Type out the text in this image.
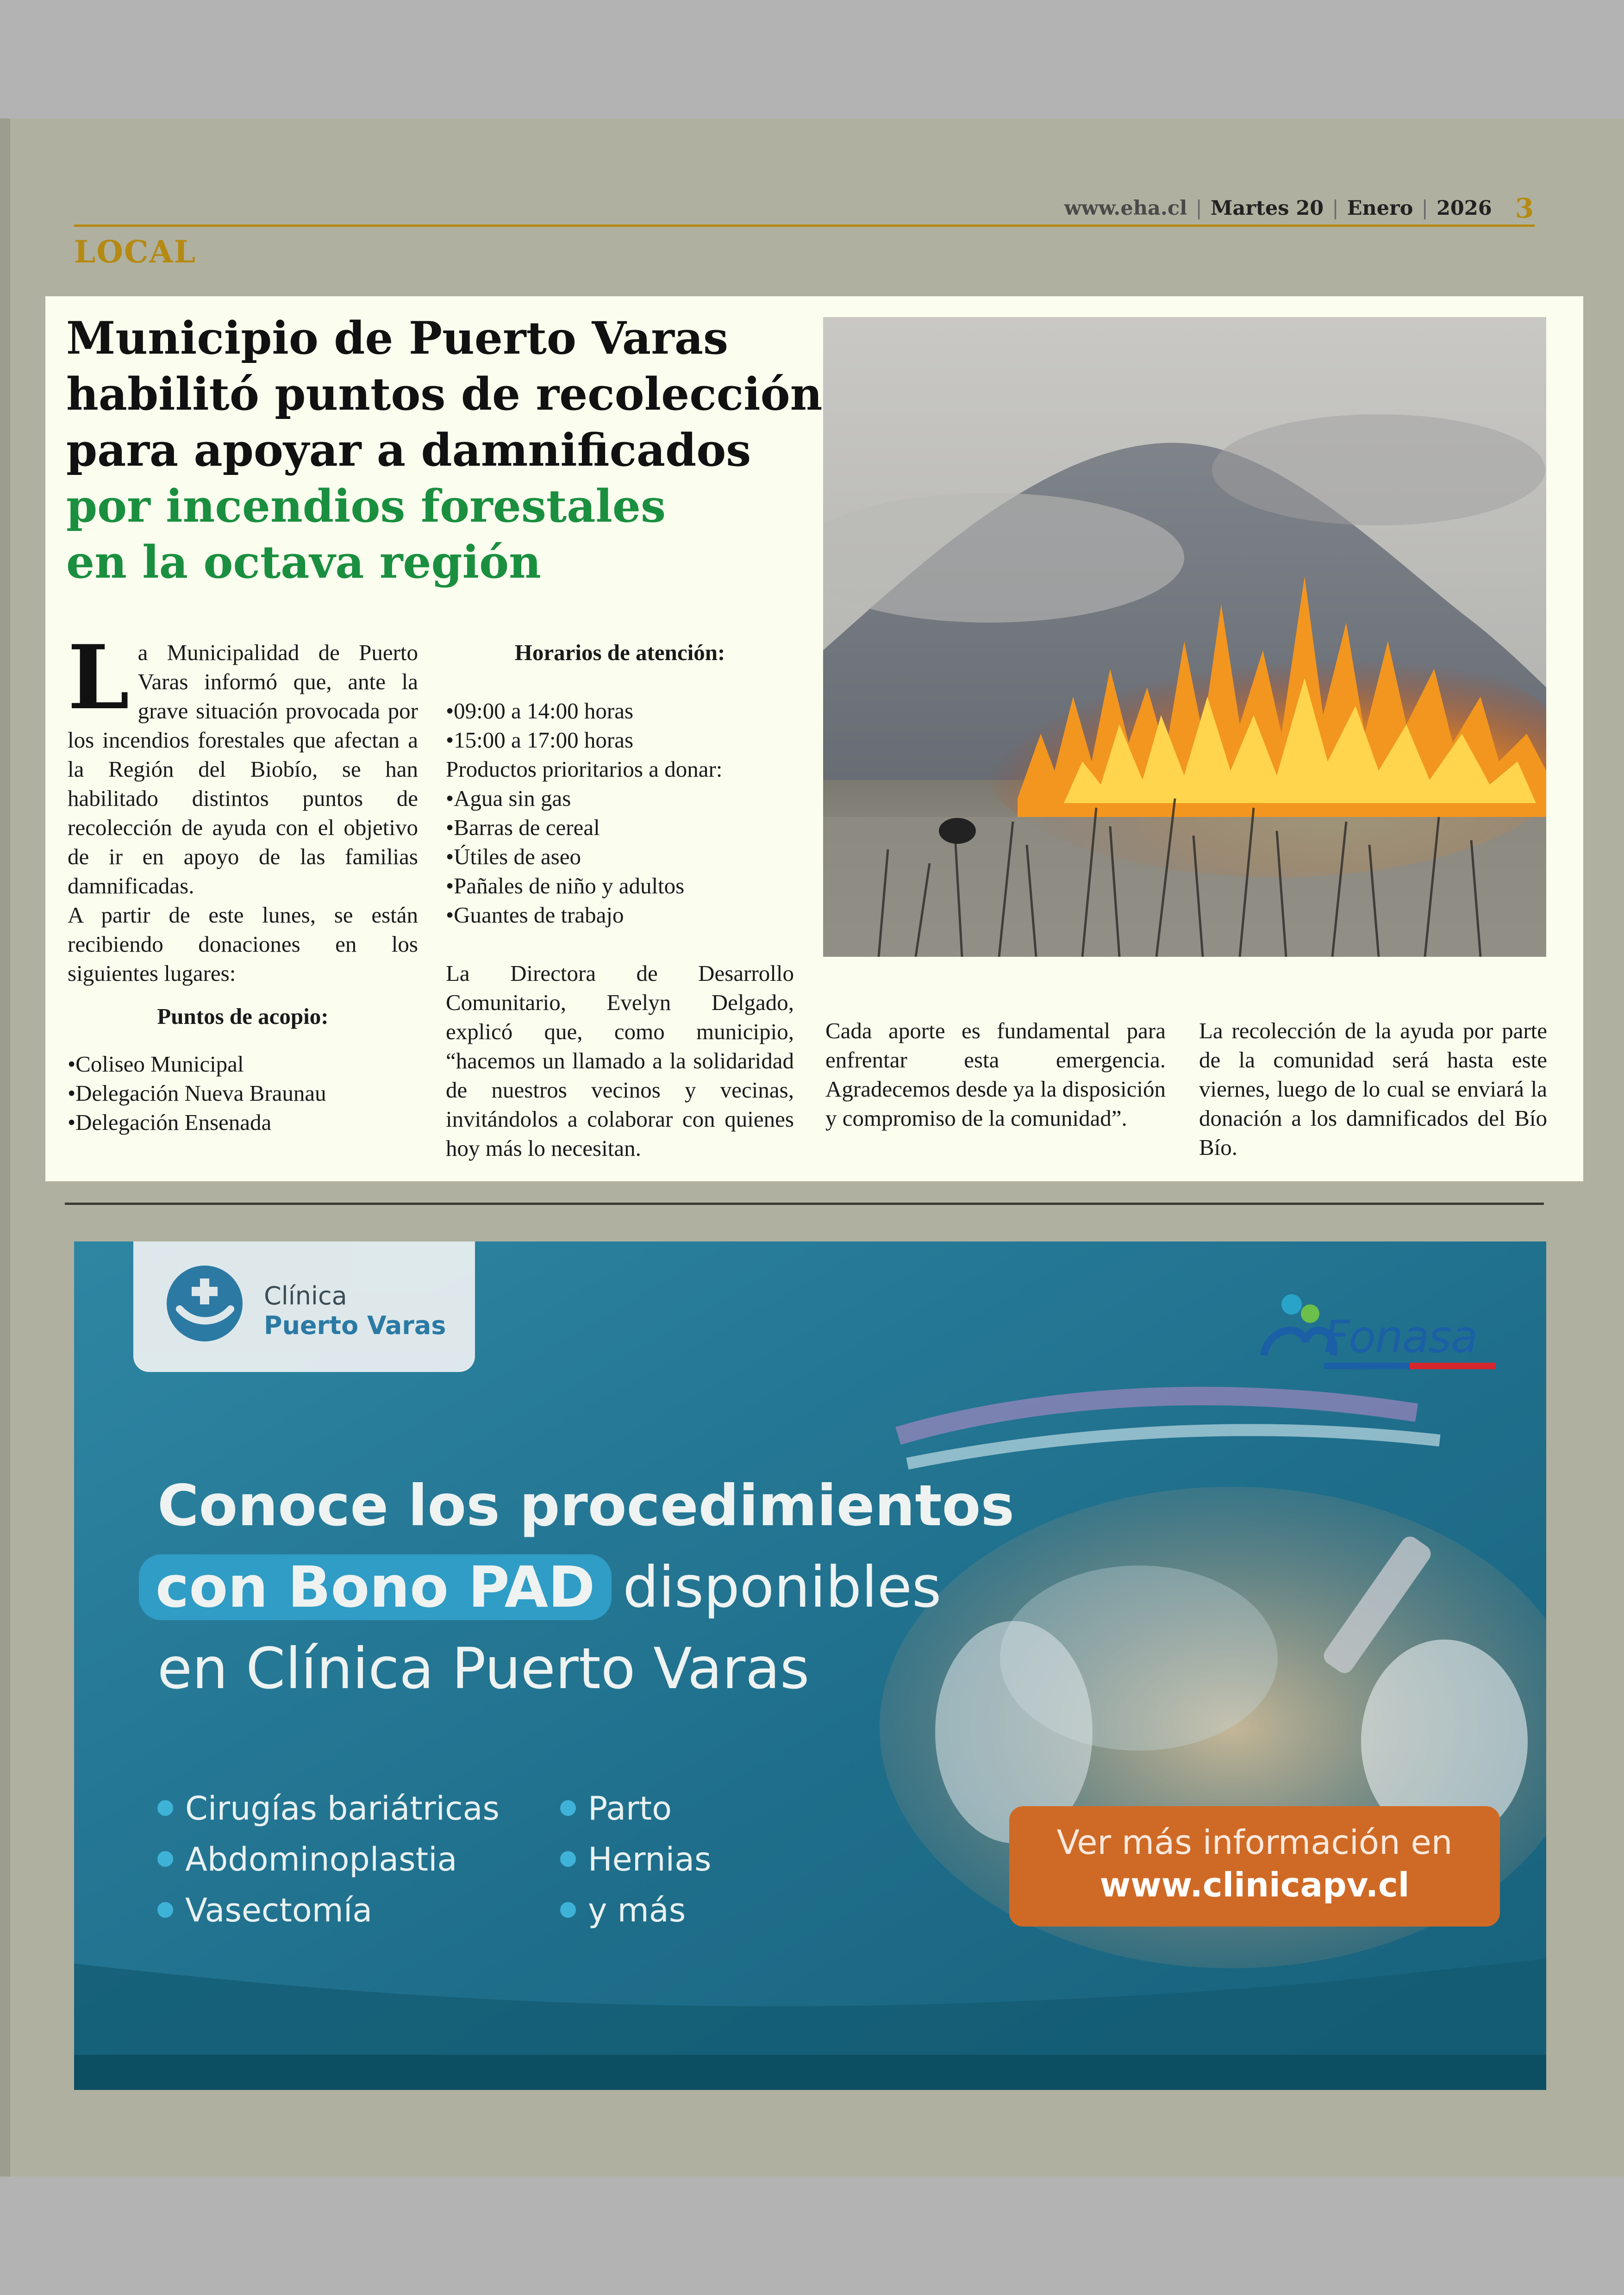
www.eha.cl | Martes 20 | Enero | 2026 3
LOCAL
Municipio de Puerto Varas
habilitó puntos de recolección
para apoyar a damnificados
por incendios forestales
en la octava región

La Municipalidad de Puerto Varas informó que, ante la grave situación provocada por los incendios forestales que afectan a la Región del Biobío, se han habilitado distintos puntos de recolección de ayuda con el objetivo de ir en apoyo de las familias damnificadas.

A partir de este lunes, se están recibiendo donaciones en los siguientes lugares:

Puntos de acopio:

• Coliseo Municipal

• Delegación Nueva Braunau

• Delegación Ensenada

Horarios de atención:

• 09:00 a 14:00 horas

• 15:00 a 17:00 horas

Productos prioritarios a donar:

• Agua sin gas

• Barras de cereal

• Útiles de aseo

• Pañales de niño y adultos

• Guantes de trabajo

La Directora de Desarrollo Comunitario, Evelyn Delgado, explicó que, como municipio, “hacemos un llamado a la solidaridad de nuestros vecinos y vecinas, invitándolos a colaborar con quienes hoy más lo necesitan.

Cada aporte es fundamental para enfrentar esta emergencia. Agradecemos desde ya la disposición y compromiso de la comunidad”.
La recolección de la ayuda por parte de la comunidad será hasta este viernes, luego de lo cual se enviará la donación a los damnificados del Bío Bío.
Clínica
Puerto Varas	Fonasa
Conoce los procedimientos
con Bono PAD disponibles
en Clínica Puerto Varas
Cirugías bariátricas
Abdominoplastia
Vasectomía
Parto
Hernias
y más
Ver más información en
www.clinicapv.cl
